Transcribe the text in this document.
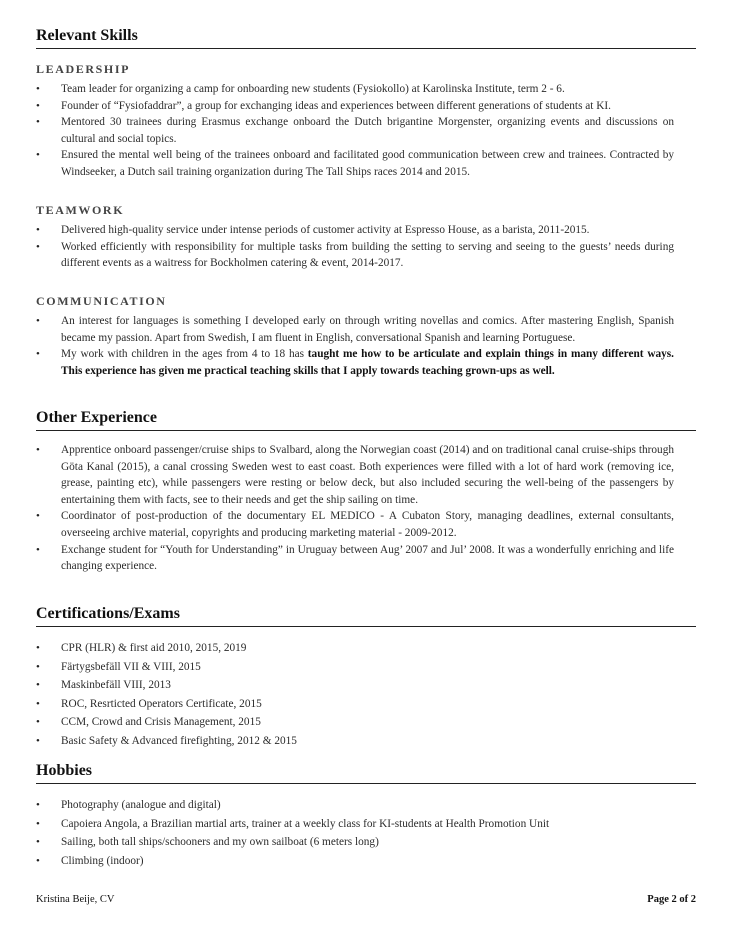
Relevant Skills
LEADERSHIP
• Team leader for organizing a camp for onboarding new students (Fysiokollo) at Karolinska Institute, term 2 - 6.
• Founder of “Fysiofaddrar”, a group for exchanging ideas and experiences between different generations of students at KI.
• Mentored 30 trainees during Erasmus exchange onboard the Dutch brigantine Morgenster, organizing events and discussions on cultural and social topics.
• Ensured the mental well being of the trainees onboard and facilitated good communication between crew and trainees. Contracted by Windseeker, a Dutch sail training organization during The Tall Ships races 2014 and 2015.
TEAMWORK
• Delivered high-quality service under intense periods of customer activity at Espresso House, as a barista, 2011-2015.
• Worked efficiently with responsibility for multiple tasks from building the setting to serving and seeing to the guests’ needs during different events as a waitress for Bockholmen catering & event, 2014-2017.
COMMUNICATION
• An interest for languages is something I developed early on through writing novellas and comics. After mastering English, Spanish became my passion. Apart from Swedish, I am fluent in English, conversational Spanish and learning Portuguese.
• My work with children in the ages from 4 to 18 has taught me how to be articulate and explain things in many different ways. This experience has given me practical teaching skills that I apply towards teaching grown-ups as well.
Other Experience
• Apprentice onboard passenger/cruise ships to Svalbard, along the Norwegian coast (2014) and on traditional canal cruise-ships through Göta Kanal (2015), a canal crossing Sweden west to east coast. Both experiences were filled with a lot of hard work (removing ice, grease, painting etc), while passengers were resting or below deck, but also included securing the well-being of the passengers by entertaining them with facts, see to their needs and get the ship sailing on time.
• Coordinator of post-production of the documentary EL MEDICO - A Cubaton Story, managing deadlines, external consultants, overseeing archive material, copyrights and producing marketing material - 2009-2012.
• Exchange student for “Youth for Understanding” in Uruguay between Aug’ 2007 and Jul’ 2008. It was a wonderfully enriching and life changing experience.
Certifications/Exams
• CPR (HLR) & first aid 2010, 2015, 2019
• Färtygsbefäll VII & VIII, 2015
• Maskinbefäll VIII, 2013
• ROC, Resrticted Operators Certificate, 2015
• CCM, Crowd and Crisis Management, 2015
• Basic Safety & Advanced firefighting, 2012 & 2015
Hobbies
• Photography (analogue and digital)
• Capoiera Angola, a Brazilian martial arts, trainer at a weekly class for KI-students at Health Promotion Unit
• Sailing, both tall ships/schooners and my own sailboat (6 meters long)
• Climbing (indoor)
Kristina Beije, CV	Page 2 of 2
